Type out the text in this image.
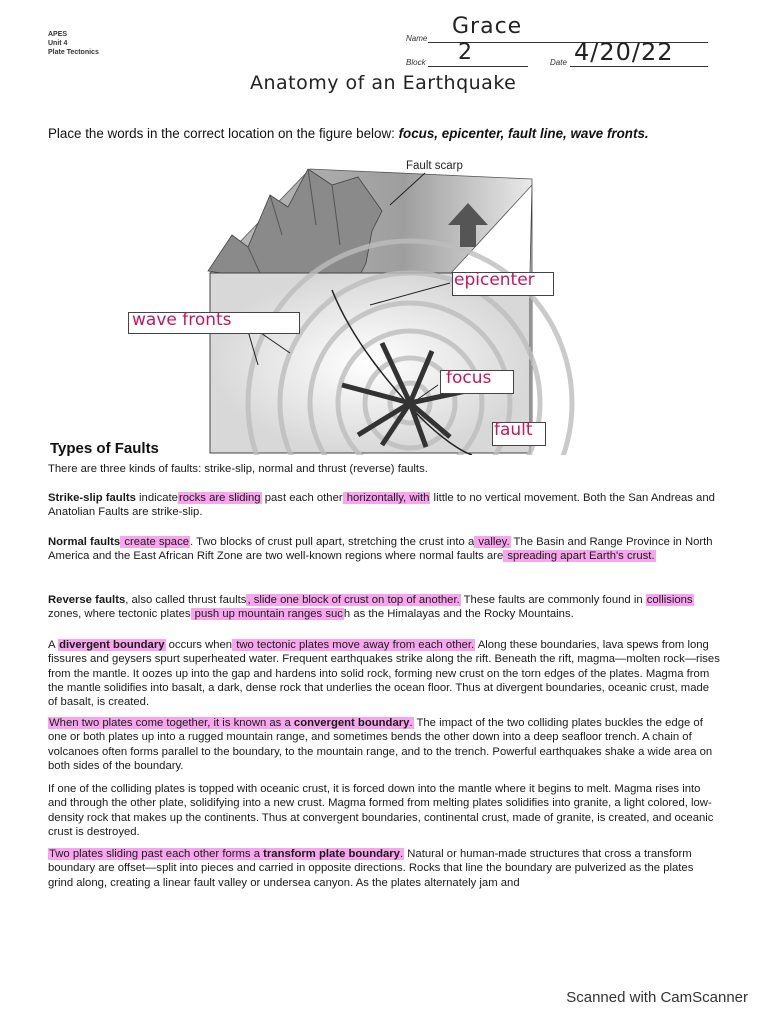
APES
Unit 4
Plate Tectonics
Name Grace
Block 2	Date 4/20/22
Anatomy of an Earthquake
Place the words in the correct location on the figure below: focus, epicenter, fault line, wave fronts.
Fault scarp
epicenter
wave fronts
focus
fault
Types of Faults
There are three kinds of faults: strike-slip, normal and thrust (reverse) faults.
Strike-slip faults indicaterocks are sliding past each other horizontally, with little to no vertical movement. Both the San Andreas and Anatolian Faults are strike-slip.
Normal faults create space. Two blocks of crust pull apart, stretching the crust into a valley. The Basin and Range Province in North America and the East African Rift Zone are two well-known regions where normal faults are spreading apart Earth's crust.
Reverse faults, also called thrust faults, slide one block of crust on top of another. These faults are commonly found in collisions zones, where tectonic plates push up mountain ranges such as the Himalayas and the Rocky Mountains.
A divergent boundary occurs when two tectonic plates move away from each other. Along these boundaries, lava spews from long fissures and geysers spurt superheated water. Frequent earthquakes strike along the rift. Beneath the rift, magma—molten rock—rises from the mantle. It oozes up into the gap and hardens into solid rock, forming new crust on the torn edges of the plates. Magma from the mantle solidifies into basalt, a dark, dense rock that underlies the ocean floor. Thus at divergent boundaries, oceanic crust, made of basalt, is created.
When two plates come together, it is known as a convergent boundary. The impact of the two colliding plates buckles the edge of one or both plates up into a rugged mountain range, and sometimes bends the other down into a deep seafloor trench. A chain of volcanoes often forms parallel to the boundary, to the mountain range, and to the trench. Powerful earthquakes shake a wide area on both sides of the boundary.
If one of the colliding plates is topped with oceanic crust, it is forced down into the mantle where it begins to melt. Magma rises into and through the other plate, solidifying into a new crust. Magma formed from melting plates solidifies into granite, a light colored, low-density rock that makes up the continents. Thus at convergent boundaries, continental crust, made of granite, is created, and oceanic crust is destroyed.
Two plates sliding past each other forms a transform plate boundary. Natural or human-made structures that cross a transform boundary are offset—split into pieces and carried in opposite directions. Rocks that line the boundary are pulverized as the plates grind along, creating a linear fault valley or undersea canyon. As the plates alternately jam and
Scanned with CamScanner
